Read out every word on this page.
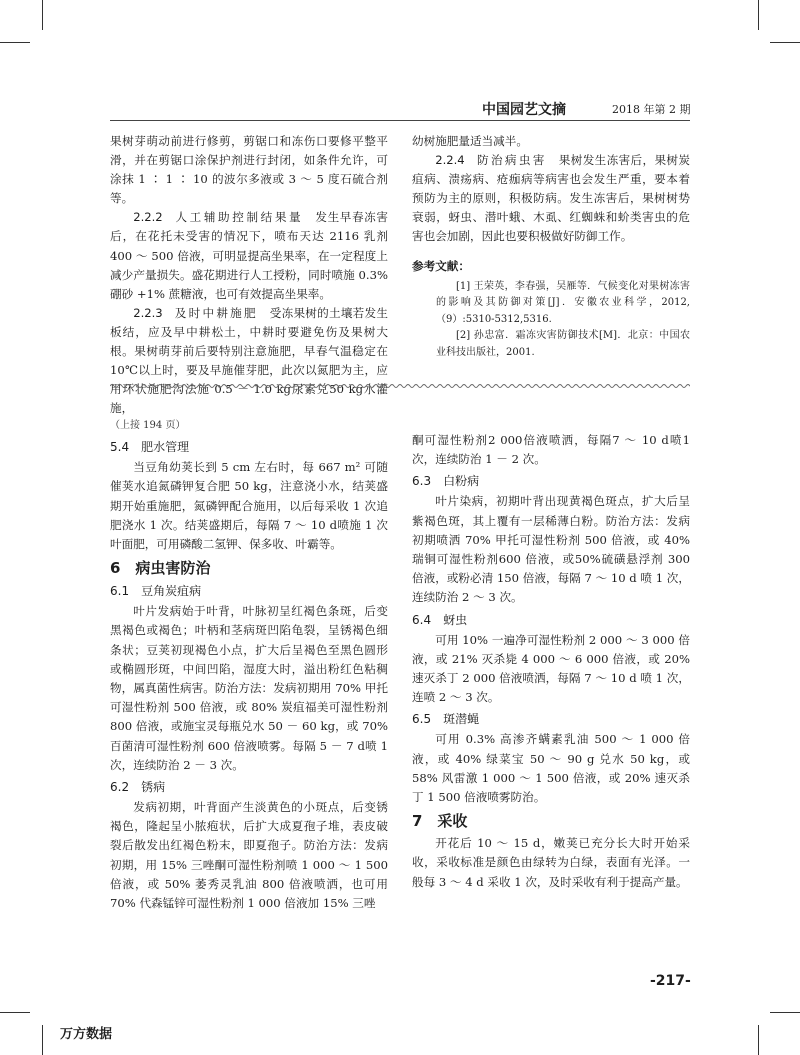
中国园艺文摘	2018 年第 2 期

果树芽萌动前进行修剪，剪锯口和冻伤口要修平整平滑，并在剪锯口涂保护剂进行封闭，如条件允许，可涂抹 1 ∶ 1 ∶ 10 的波尔多液或 3 ～ 5 度石硫合剂等。

2.2.2　 人工辅助控制结果量　 发生早春冻害后，在花托未受害的情况下，喷布天达 2116 乳剂 400 ～ 500 倍液，可明显提高坐果率，在一定程度上减少产量损失。盛花期进行人工授粉，同时喷施 0.3% 硼砂 +1% 蔗糖液，也可有效提高坐果率。

2.2.3　 及时中耕施肥　 受冻果树的土壤若发生板结，应及早中耕松土，中耕时要避免伤及果树大根。果树萌芽前后要特别注意施肥，早春气温稳定在 10℃以上时，要及早施催芽肥，此次以氮肥为主，应用环状施肥沟法施 0.5 － 1.0 kg尿素兑50 kg水灌施，

幼树施肥量适当减半。

2.2.4　 防治病虫害　 果树发生冻害后，果树炭疽病、溃疡病、疮痂病等病害也会发生严重，要本着预防为主的原则，积极防病。发生冻害后，果树树势衰弱，蚜虫、潜叶蛾、木虱、红蜘蛛和蚧类害虫的危害也会加剧，因此也要积极做好防御工作。

参考文献：

[1] 王荣英，李春强，吴雁等．气候变化对果树冻害的影响及其防御对策[J]．安徽农业科学，2012,（9）:5310-5312,5316.

[2] 孙忠富．霜冻灾害防御技术[M]．北京：中国农业科技出版社，2001.

（上接 194 页）

5.4　肥水管理

当豆角幼荚长到 5 cm 左右时，每 667 m² 可随催荚水追氮磷钾复合肥 50 kg，注意浇小水，结荚盛期开始重施肥，氮磷钾配合施用，以后每采收 1 次追肥浇水 1 次。结荚盛期后，每隔 7 ～ 10 d喷施 1 次叶面肥，可用磷酸二氢钾、保多收、叶霸等。

6　病虫害防治
6.1　豆角炭疽病

叶片发病始于叶背，叶脉初呈红褐色条斑，后变黑褐色或褐色；叶柄和茎病斑凹陷龟裂，呈锈褐色细条状；豆荚初现褐色小点，扩大后呈褐色至黑色圆形或椭圆形斑，中间凹陷，湿度大时，溢出粉红色粘稠物，属真菌性病害。防治方法：发病初期用 70% 甲托可湿性粉剂 500 倍液，或 80% 炭疽福美可湿性粉剂 800 倍液，或施宝灵每瓶兑水 50 － 60 kg，或 70% 百菌清可湿性粉剂 600 倍液喷雾。每隔 5 － 7 d喷 1 次，连续防治 2 － 3 次。

6.2　锈病

发病初期，叶背面产生淡黄色的小斑点，后变锈褐色，隆起呈小脓疱状，后扩大成夏孢子堆，表皮破裂后散发出红褐色粉末，即夏孢子。防治方法：发病初期，用 15% 三唑酮可湿性粉剂喷 1 000 ～ 1 500 倍液，或 50% 萎秀灵乳油 800 倍液喷洒，也可用 70% 代森锰锌可湿性粉剂 1 000 倍液加 15% 三唑

酮可湿性粉剂2 000倍液喷洒，每隔7 ～ 10 d喷1次，连续防治 1 － 2 次。

6.3　白粉病

叶片染病，初期叶背出现黄褐色斑点，扩大后呈紫褐色斑，其上覆有一层稀薄白粉。防治方法：发病初期喷洒 70% 甲托可湿性粉剂 500 倍液，或 40% 瑞铜可湿性粉剂600 倍液，或50%硫磺悬浮剂 300 倍液，或粉必清 150 倍液，每隔 7 ～ 10 d 喷 1 次，连续防治 2 ～ 3 次。

6.4　蚜虫

可用 10% 一遍净可湿性粉剂 2 000 ～ 3 000 倍液，或 21% 灭杀毙 4 000 ～ 6 000 倍液，或 20% 速灭杀丁 2 000 倍液喷洒，每隔 7 ～ 10 d 喷 1 次，连喷 2 ～ 3 次。

6.5　斑潜蝇

可用 0.3% 高渗齐螨素乳油 500 ～ 1 000 倍液，或 40% 绿菜宝 50 ～ 90 g 兑水 50 kg，或 58% 风雷激 1 000 ～ 1 500 倍液，或 20% 速灭杀丁 1 500 倍液喷雾防治。

7　采收

开花后 10 ～ 15 d，嫩荚已充分长大时开始采收，采收标准是颜色由绿转为白绿，表面有光泽。一般每 3 ～ 4 d 采收 1 次，及时采收有利于提高产量。

-217-
万方数据
